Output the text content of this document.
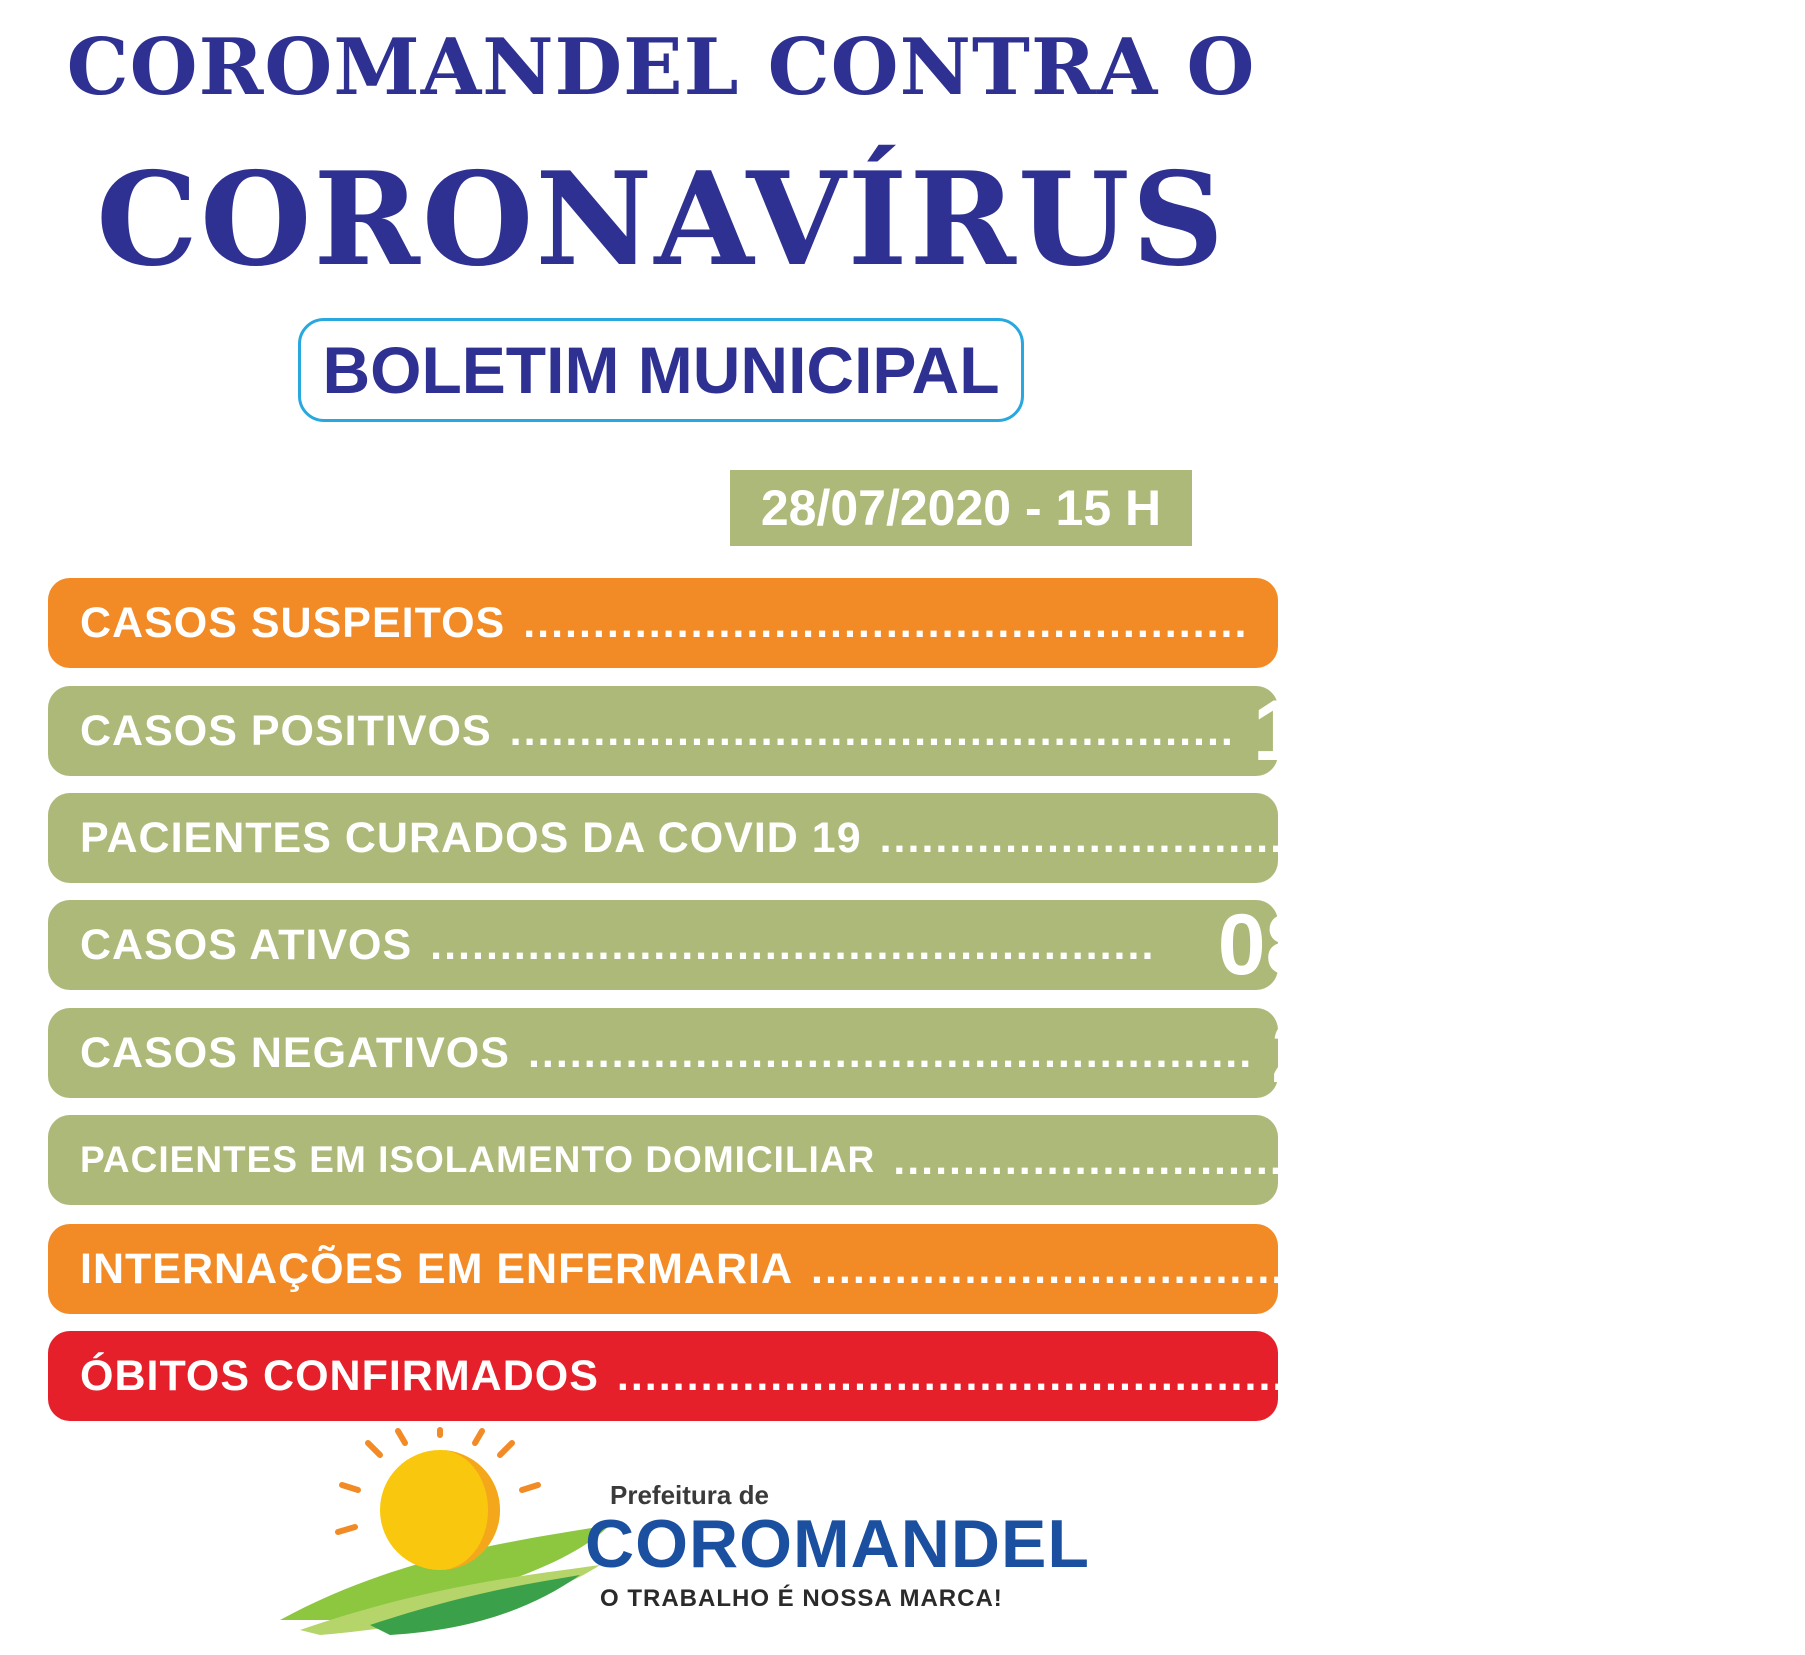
COROMANDEL CONTRA O
CORONAVÍRUS
BOLETIM MUNICIPAL
28/07/2020 - 15 H
CASOS SUSPEITOS .................................................... 44
CASOS POSITIVOS .................................................... 104
PACIENTES CURADOS DA COVID 19 .................................................... 93
CASOS ATIVOS .................................................... 08
CASOS NEGATIVOS .................................................... 233
PACIENTES EM ISOLAMENTO DOMICILIAR .................................................... 52
INTERNAÇÕES EM ENFERMARIA .................................................... 01
ÓBITOS CONFIRMADOS .................................................... 03
Prefeitura de
COROMANDEL
O TRABALHO É NOSSA MARCA!
